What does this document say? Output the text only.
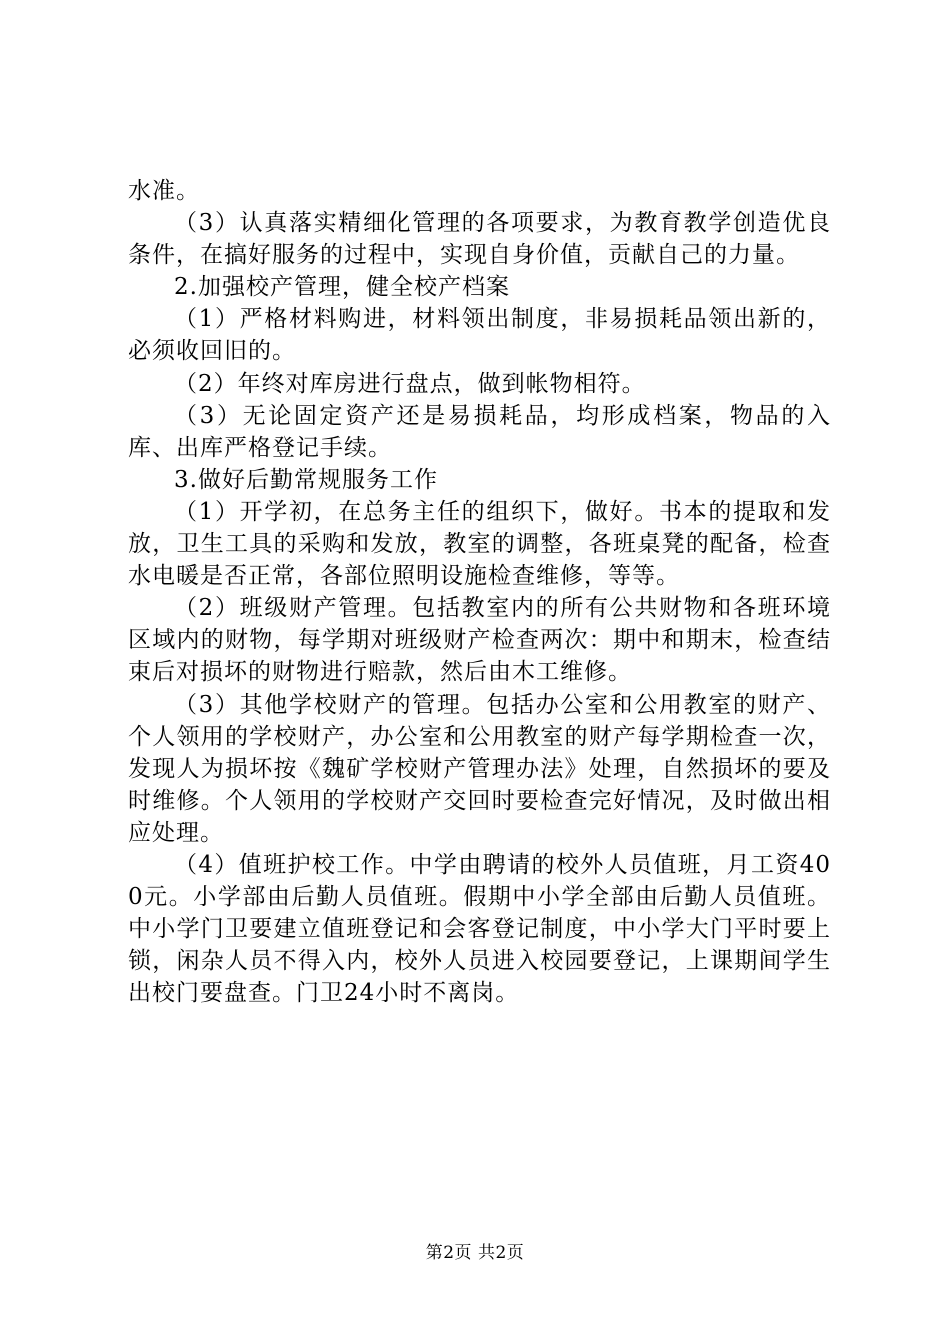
水准。

（3）认真落实精细化管理的各项要求，为教育教学创造优良条件，在搞好服务的过程中，实现自身价值，贡献自己的力量。

2.加强校产管理，健全校产档案

（1）严格材料购进，材料领出制度，非易损耗品领出新的，必须收回旧的。

（2）年终对库房进行盘点，做到帐物相符。

（3）无论固定资产还是易损耗品，均形成档案，物品的入库、出库严格登记手续。

3.做好后勤常规服务工作

（1）开学初，在总务主任的组织下，做好。书本的提取和发放，卫生工具的采购和发放，教室的调整，各班桌凳的配备，检查水电暖是否正常，各部位照明设施检查维修，等等。

（2）班级财产管理。包括教室内的所有公共财物和各班环境区域内的财物，每学期对班级财产检查两次：期中和期末，检查结束后对损坏的财物进行赔款，然后由木工维修。

（3）其他学校财产的管理。包括办公室和公用教室的财产、个人领用的学校财产，办公室和公用教室的财产每学期检查一次，发现人为损坏按《魏矿学校财产管理办法》处理，自然损坏的要及时维修。个人领用的学校财产交回时要检查完好情况，及时做出相应处理。

（4）值班护校工作。中学由聘请的校外人员值班，月工资400元。小学部由后勤人员值班。假期中小学全部由后勤人员值班。中小学门卫要建立值班登记和会客登记制度，中小学大门平时要上锁，闲杂人员不得入内，校外人员进入校园要登记，上课期间学生出校门要盘查。门卫24小时不离岗。

第2页 共2页
